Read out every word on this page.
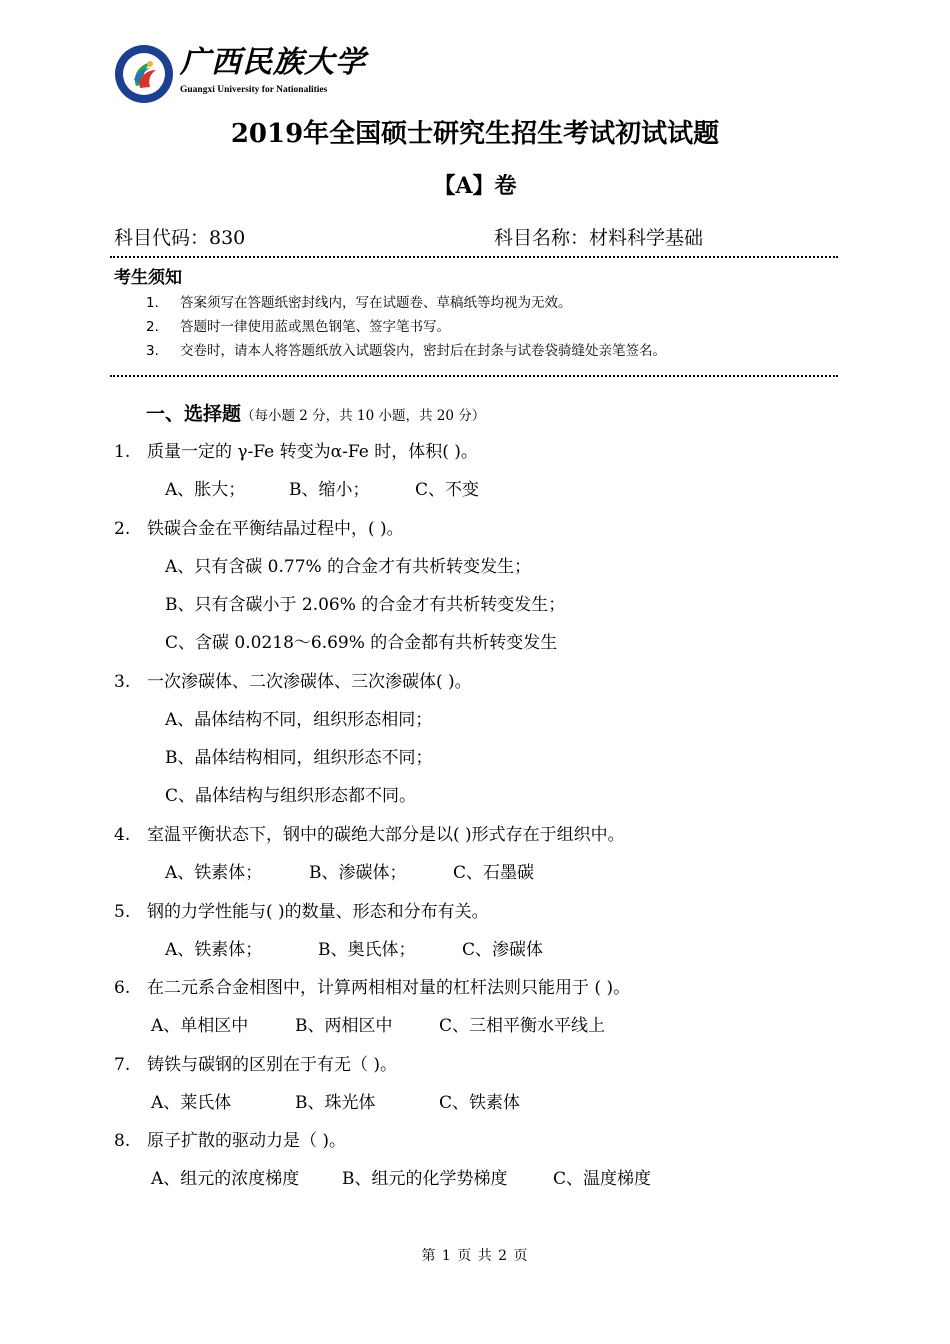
广西民族大学
Guangxi University for Nationalities
2019年全国硕士研究生招生考试初试试题
【A】卷
科目代码：830	科目名称：材料科学基础
考生须知
1. 答案须写在答题纸密封线内，写在试题卷、草稿纸等均视为无效。
2. 答题时一律使用蓝或黑色钢笔、签字笔书写。
3. 交卷时，请本人将答题纸放入试题袋内，密封后在封条与试卷袋骑缝处亲笔签名。
一、选择题（每小题 2 分，共 10 小题，共 20 分）
1. 质量一定的 γ-Fe 转变为α-Fe 时，体积( )。
A、胀大；	B、缩小；	C、不变
2. 铁碳合金在平衡结晶过程中，( )。
A、只有含碳 0.77% 的合金才有共析转变发生；
B、只有含碳小于 2.06% 的合金才有共析转变发生；
C、含碳 0.0218～6.69% 的合金都有共析转变发生
3. 一次渗碳体、二次渗碳体、三次渗碳体( )。
A、晶体结构不同，组织形态相同；
B、晶体结构相同，组织形态不同；
C、晶体结构与组织形态都不同。
4. 室温平衡状态下，钢中的碳绝大部分是以( )形式存在于组织中。
A、铁素体；	B、渗碳体；	C、石墨碳
5. 钢的力学性能与( )的数量、形态和分布有关。
A、铁素体；	B、奥氏体；	C、渗碳体
6. 在二元系合金相图中，计算两相相对量的杠杆法则只能用于 ( )。
A、单相区中	B、两相区中	C、三相平衡水平线上
7. 铸铁与碳钢的区别在于有无（ )。
A、莱氏体	B、珠光体	C、铁素体
8. 原子扩散的驱动力是（ )。
A、组元的浓度梯度	B、组元的化学势梯度	C、温度梯度
第 1 页 共 2 页
